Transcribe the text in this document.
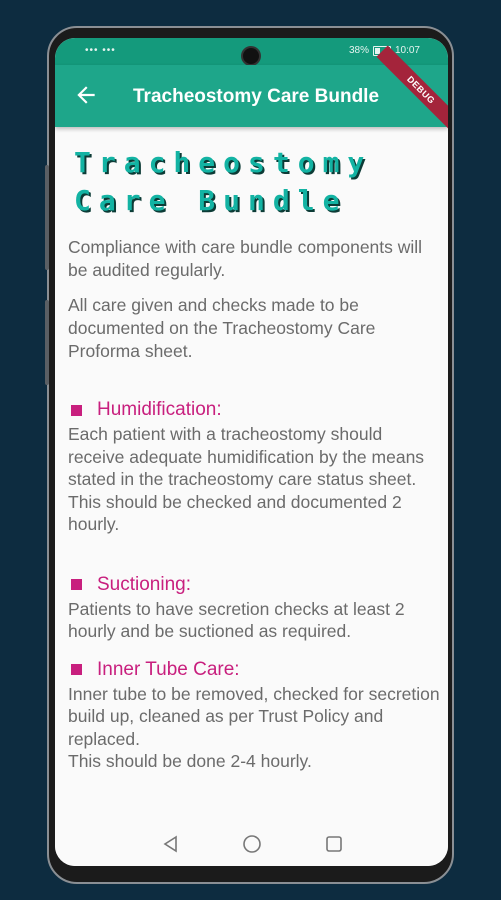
••• •••	38%	10:07
Tracheostomy Care Bundle	DEBUG
Tracheostomy Care Bundle

Compliance with care bundle components will be audited regularly.

All care given and checks made to be documented on the Tracheostomy Care Proforma sheet.

Humidification:

Each patient with a tracheostomy should receive adequate humidification by the means stated in the tracheostomy care status sheet.
This should be checked and documented 2 hourly.

Suctioning:

Patients to have secretion checks at least 2 hourly and be suctioned as required.

Inner Tube Care:

Inner tube to be removed, checked for secretion build up, cleaned as per Trust Policy and replaced.
This should be done 2-4 hourly.
